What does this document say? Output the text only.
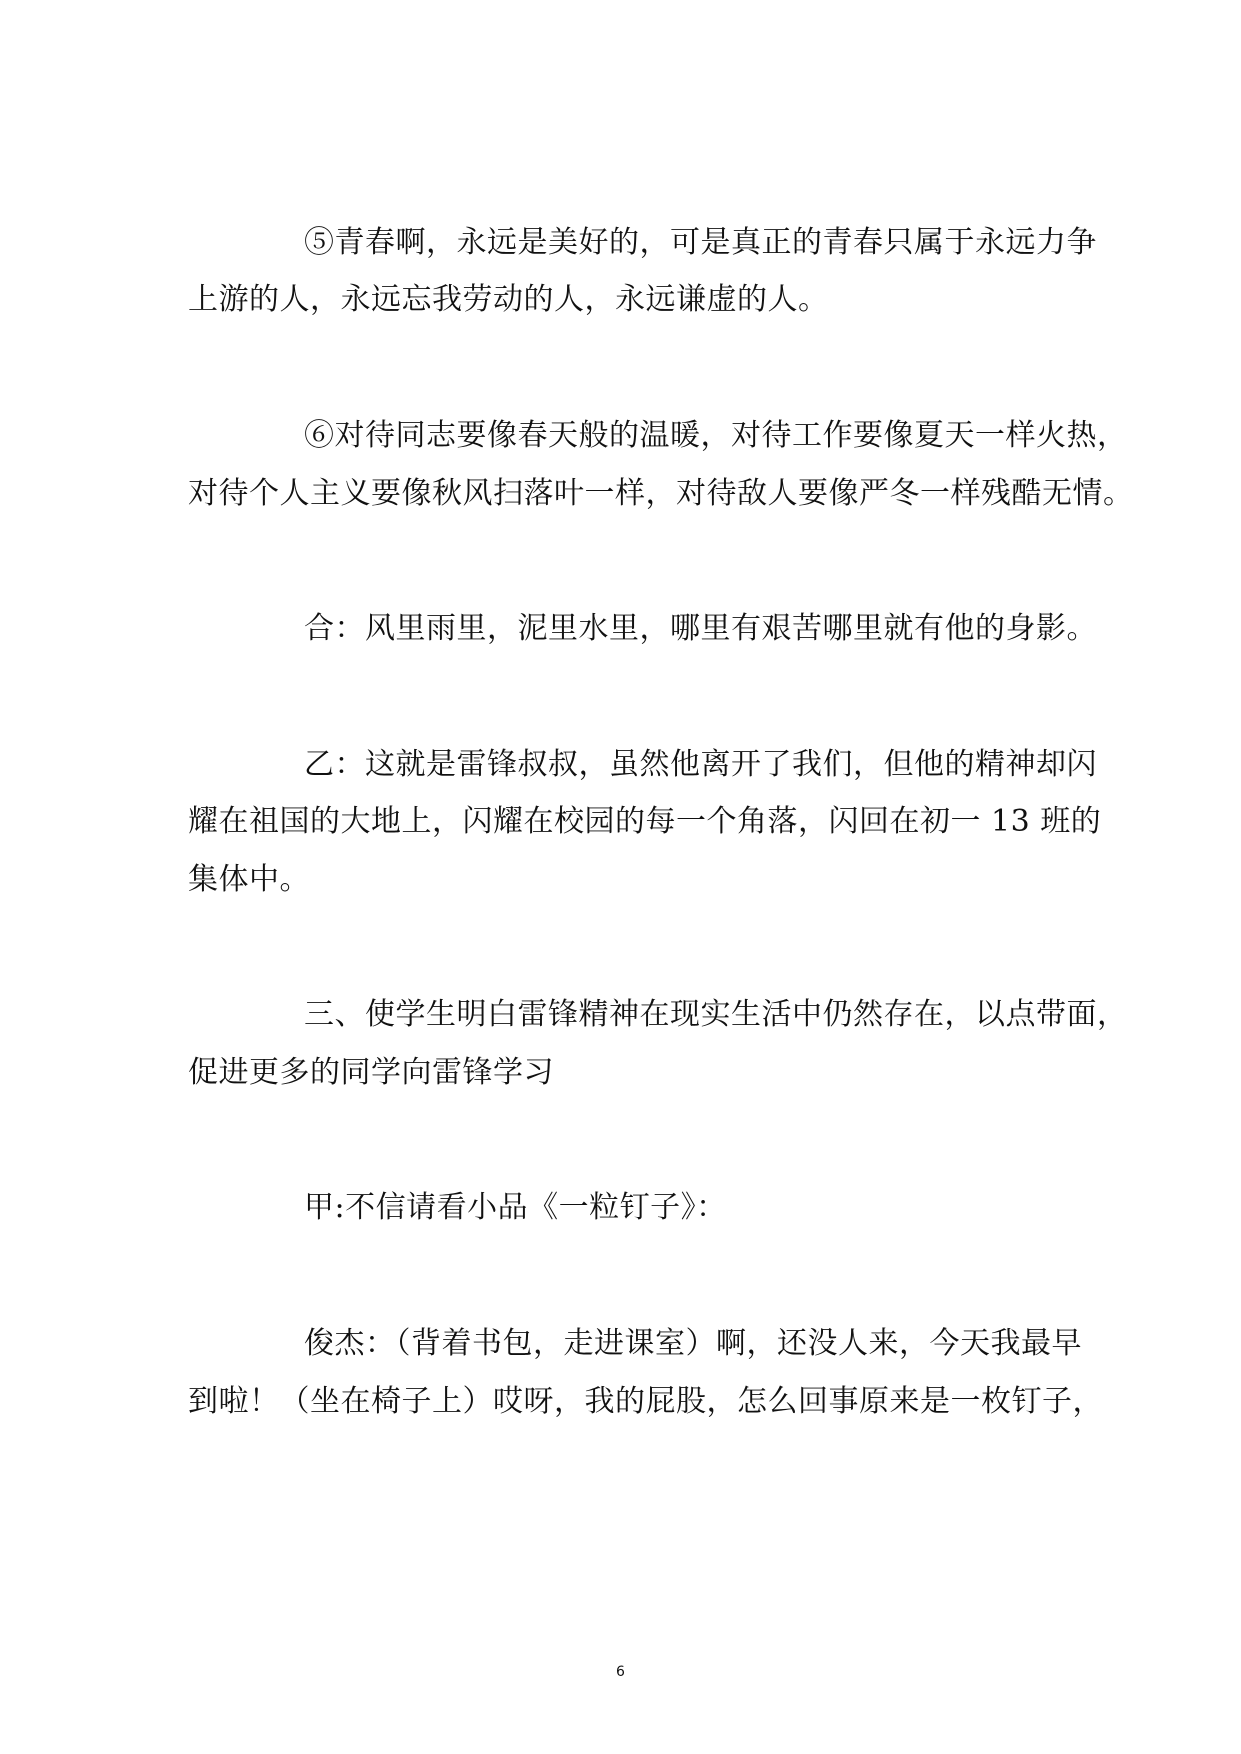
⑤青春啊，永远是美好的，可是真正的青春只属于永远力争
上游的人，永远忘我劳动的人，永远谦虚的人。
⑥对待同志要像春天般的温暖，对待工作要像夏天一样火热，
对待个人主义要像秋风扫落叶一样，对待敌人要像严冬一样残酷无情。
合：风里雨里，泥里水里，哪里有艰苦哪里就有他的身影。
乙：这就是雷锋叔叔，虽然他离开了我们，但他的精神却闪
耀在祖国的大地上，闪耀在校园的每一个角落，闪回在初一 13 班的
集体中。
三、使学生明白雷锋精神在现实生活中仍然存在，以点带面，
促进更多的同学向雷锋学习
甲:不信请看小品《一粒钉子》：
俊杰：（背着书包，走进课室）啊，还没人来，今天我最早
到啦！（坐在椅子上）哎呀，我的屁股，怎么回事原来是一枚钉子，
6
